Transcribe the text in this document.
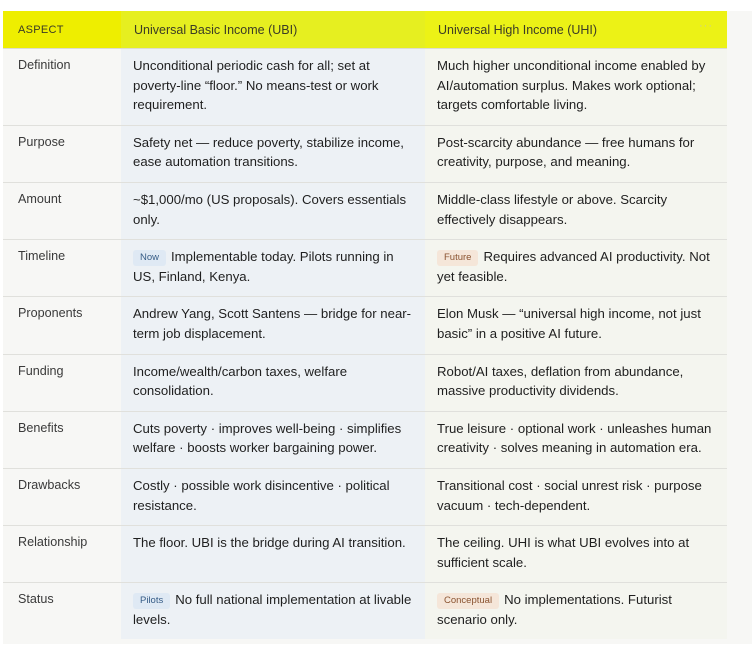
ASPECT	Universal Basic Income (UBI)	Universal High Income (UHI) ···

Definition	Unconditional periodic cash for all; set at poverty-line “floor.” No means-test or work requirement.	Much higher unconditional income enabled by AI/automation surplus. Makes work optional; targets comfortable living.
Purpose	Safety net — reduce poverty, stabilize income, ease automation transitions.	Post-scarcity abundance — free humans for creativity, purpose, and meaning.
Amount	~$1,000/mo (US proposals). Covers essentials only.	Middle-class lifestyle or above. Scarcity effectively disappears.
Timeline	Now Implementable today. Pilots running in US, Finland, Kenya.	Future Requires advanced AI productivity. Not yet feasible.
Proponents	Andrew Yang, Scott Santens — bridge for near-term job displacement.	Elon Musk — “universal high income, not just basic” in a positive AI future.
Funding	Income/wealth/carbon taxes, welfare consolidation.	Robot/AI taxes, deflation from abundance, massive productivity dividends.
Benefits	Cuts poverty · improves well-being · simplifies welfare · boosts worker bargaining power.	True leisure · optional work · unleashes human creativity · solves meaning in automation era.
Drawbacks	Costly · possible work disincentive · political resistance.	Transitional cost · social unrest risk · purpose vacuum · tech-dependent.
Relationship	The floor. UBI is the bridge during AI transition.	The ceiling. UHI is what UBI evolves into at sufficient scale.
Status	Pilots No full national implementation at livable levels.	Conceptual No implementations. Futurist scenario only.
